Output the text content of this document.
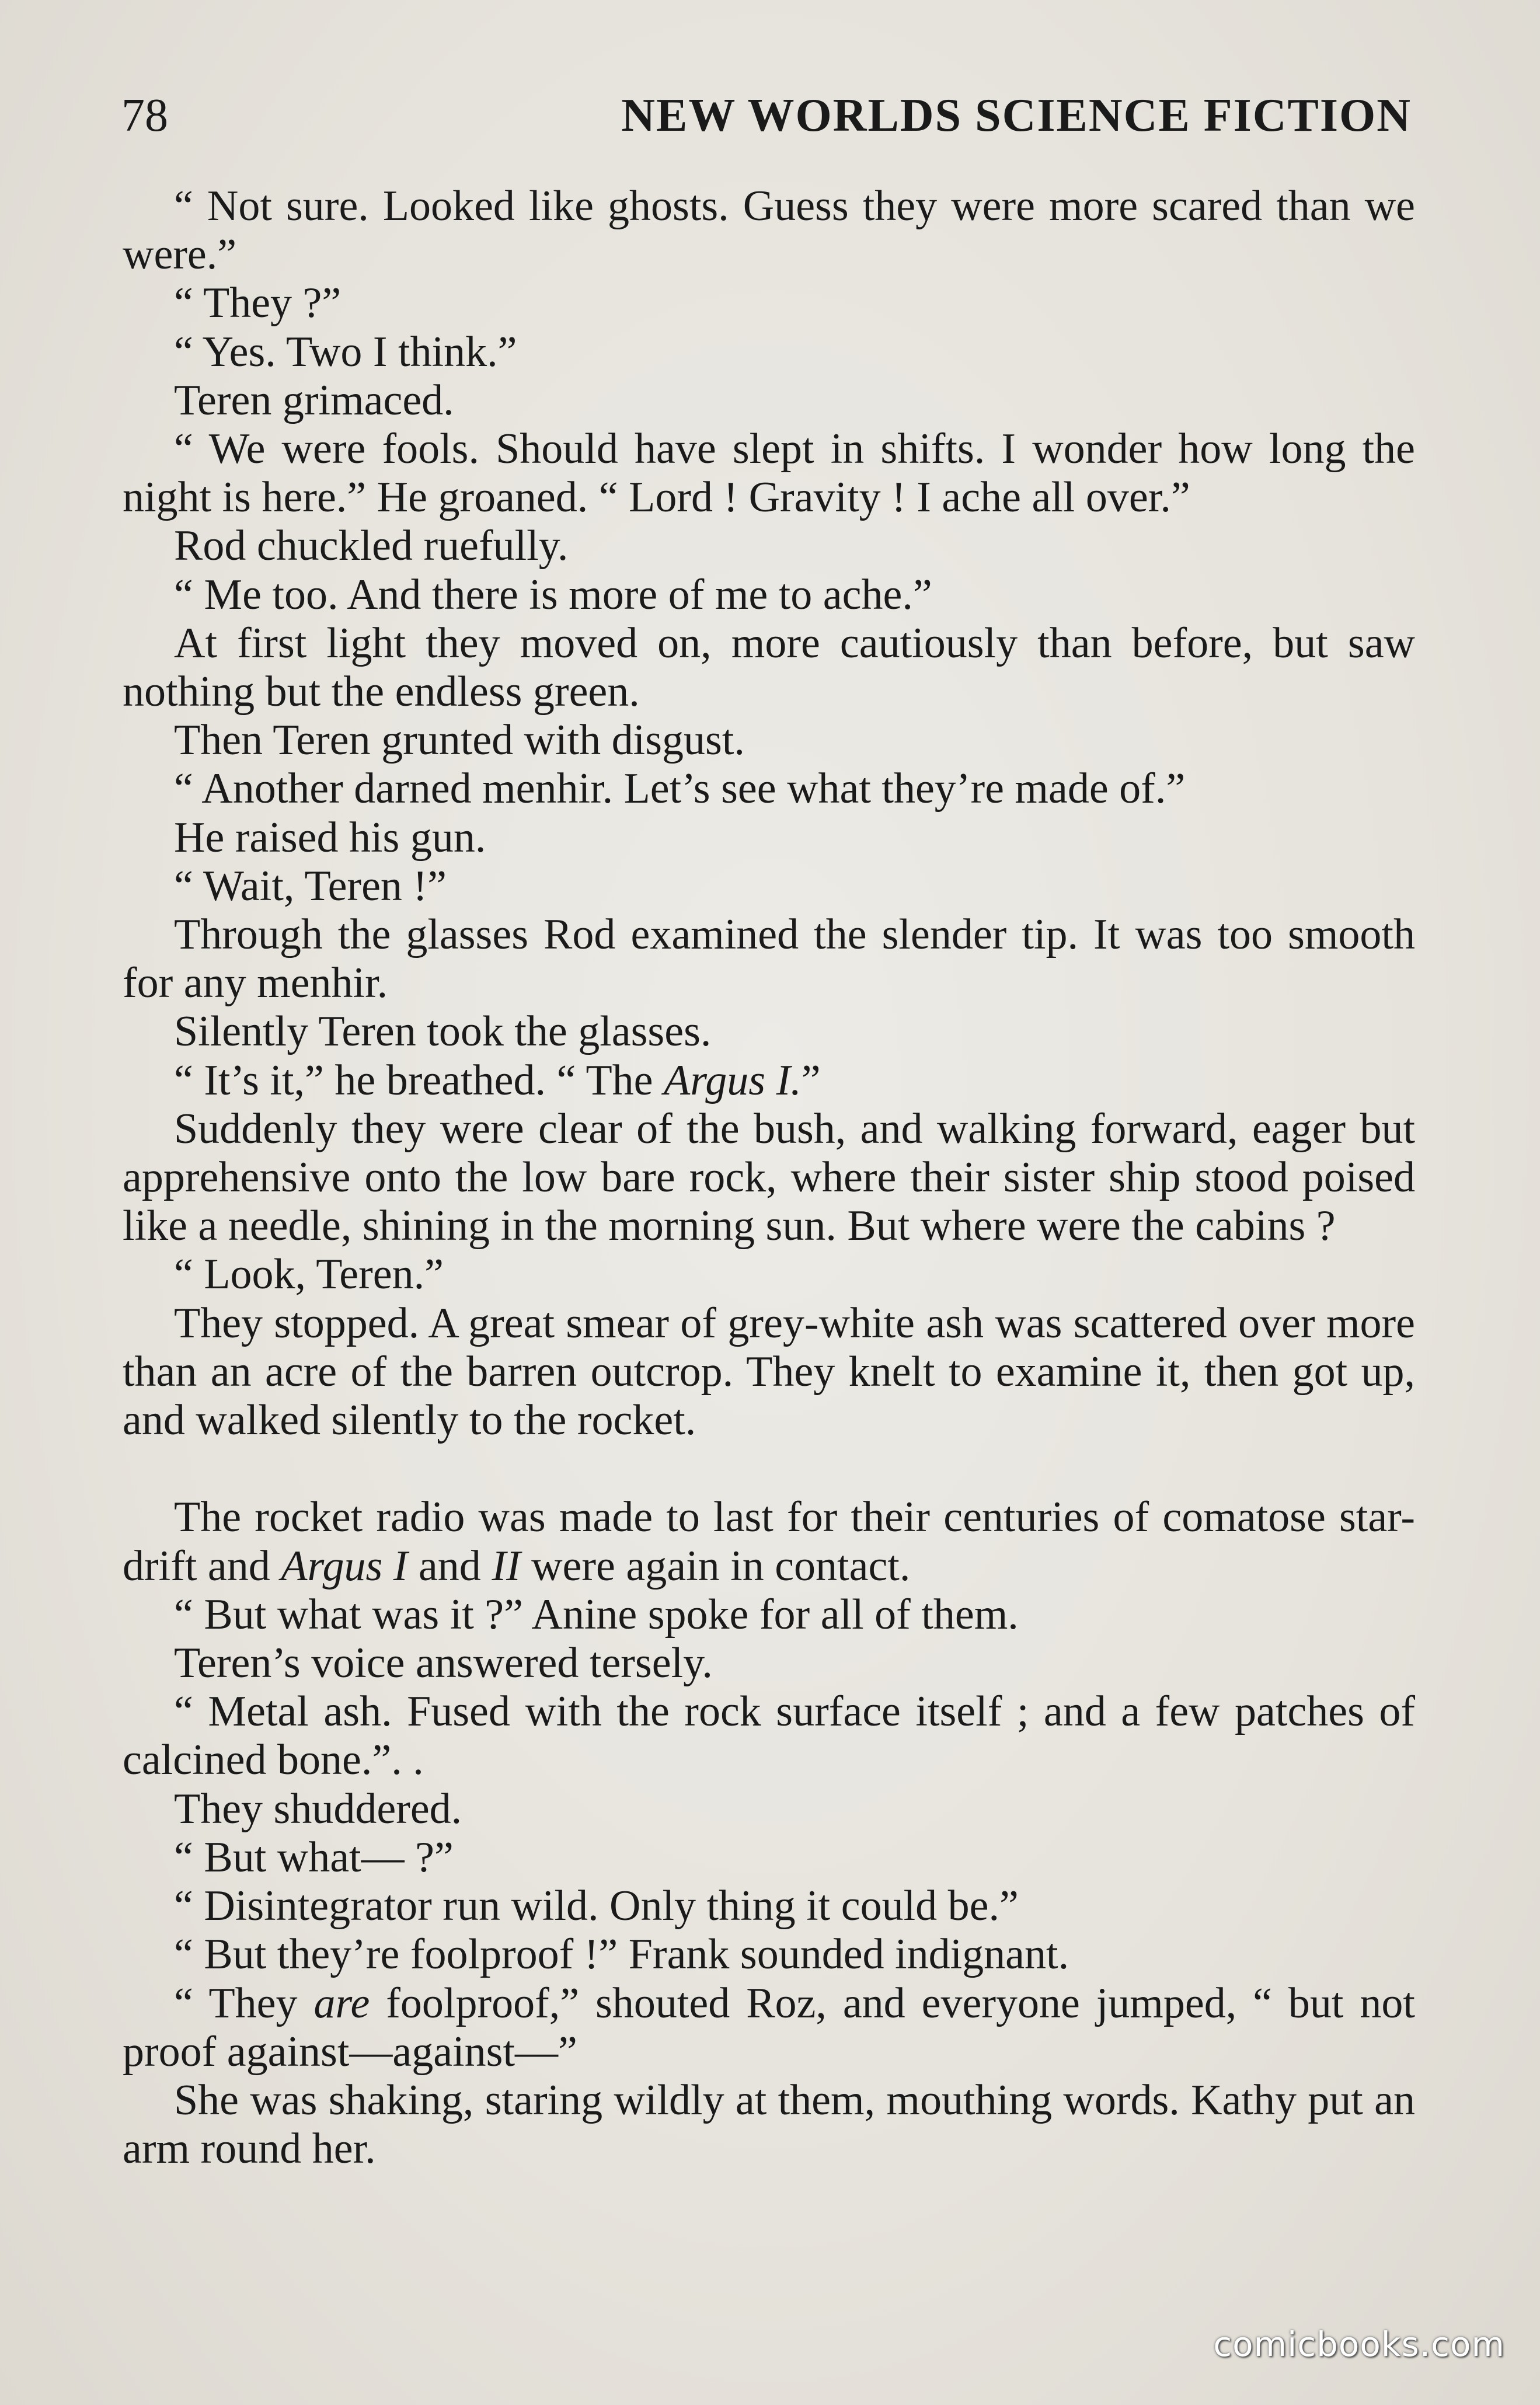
78	NEW WORLDS SCIENCE FICTION

“ Not sure. Looked like ghosts. Guess they were more scared than we were.”

“ They ?”

“ Yes. Two I think.”

Teren grimaced.

“ We were fools. Should have slept in shifts. I wonder how long the night is here.” He groaned. “ Lord ! Gravity ! I ache all over.”

Rod chuckled ruefully.

“ Me too. And there is more of me to ache.”

At first light they moved on, more cautiously than before, but saw nothing but the endless green.

Then Teren grunted with disgust.

“ Another darned menhir. Let’s see what they’re made of.”

He raised his gun.

“ Wait, Teren !”

Through the glasses Rod examined the slender tip. It was too smooth for any menhir.

Silently Teren took the glasses.

“ It’s it,” he breathed. “ The Argus I.”

Suddenly they were clear of the bush, and walking forward, eager but apprehensive onto the low bare rock, where their sister ship stood poised like a needle, shining in the morning sun. But where were the cabins ?

“ Look, Teren.”

They stopped. A great smear of grey-white ash was scattered over more than an acre of the barren outcrop. They knelt to examine it, then got up, and walked silently to the rocket.

The rocket radio was made to last for their centuries of comatose star-drift and Argus I and II were again in contact.

“ But what was it ?” Anine spoke for all of them.

Teren’s voice answered tersely.

“ Metal ash. Fused with the rock surface itself ; and a few patches of calcined bone.”. .

They shuddered.

“ But what— ?”

“ Disintegrator run wild. Only thing it could be.”

“ But they’re foolproof !” Frank sounded indignant.

“ They are foolproof,” shouted Roz, and everyone jumped, “ but not proof against—against—”

She was shaking, staring wildly at them, mouthing words. Kathy put an arm round her.

comicbooks.com
